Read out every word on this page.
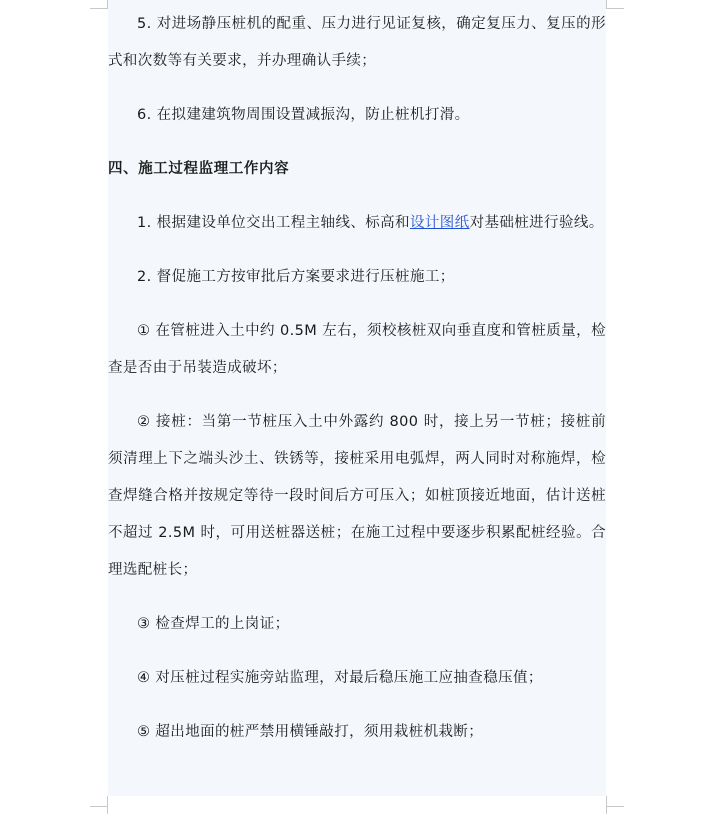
5. 对进场静压桩机的配重、压力进行见证复核，确定复压力、复压的形式和次数等有关要求，并办理确认手续；

6. 在拟建建筑物周围设置减振沟，防止桩机打滑。

四、施工过程监理工作内容

1. 根据建设单位交出工程主轴线、标高和设计图纸对基础桩进行验线。

2. 督促施工方按审批后方案要求进行压桩施工；

① 在管桩进入土中约 0.5M 左右，须校核桩双向垂直度和管桩质量，检查是否由于吊装造成破坏；

② 接桩：当第一节桩压入土中外露约 800 时，接上另一节桩；接桩前须清理上下之端头沙土、铁锈等，接桩采用电弧焊，两人同时对称施焊，检查焊缝合格并按规定等待一段时间后方可压入；如桩顶接近地面，估计送桩不超过 2.5M 时，可用送桩器送桩；在施工过程中要逐步积累配桩经验。合理选配桩长；

③ 检查焊工的上岗证；

④ 对压桩过程实施旁站监理，对最后稳压施工应抽查稳压值；

⑤ 超出地面的桩严禁用横锤敲打，须用栽桩机栽断；
